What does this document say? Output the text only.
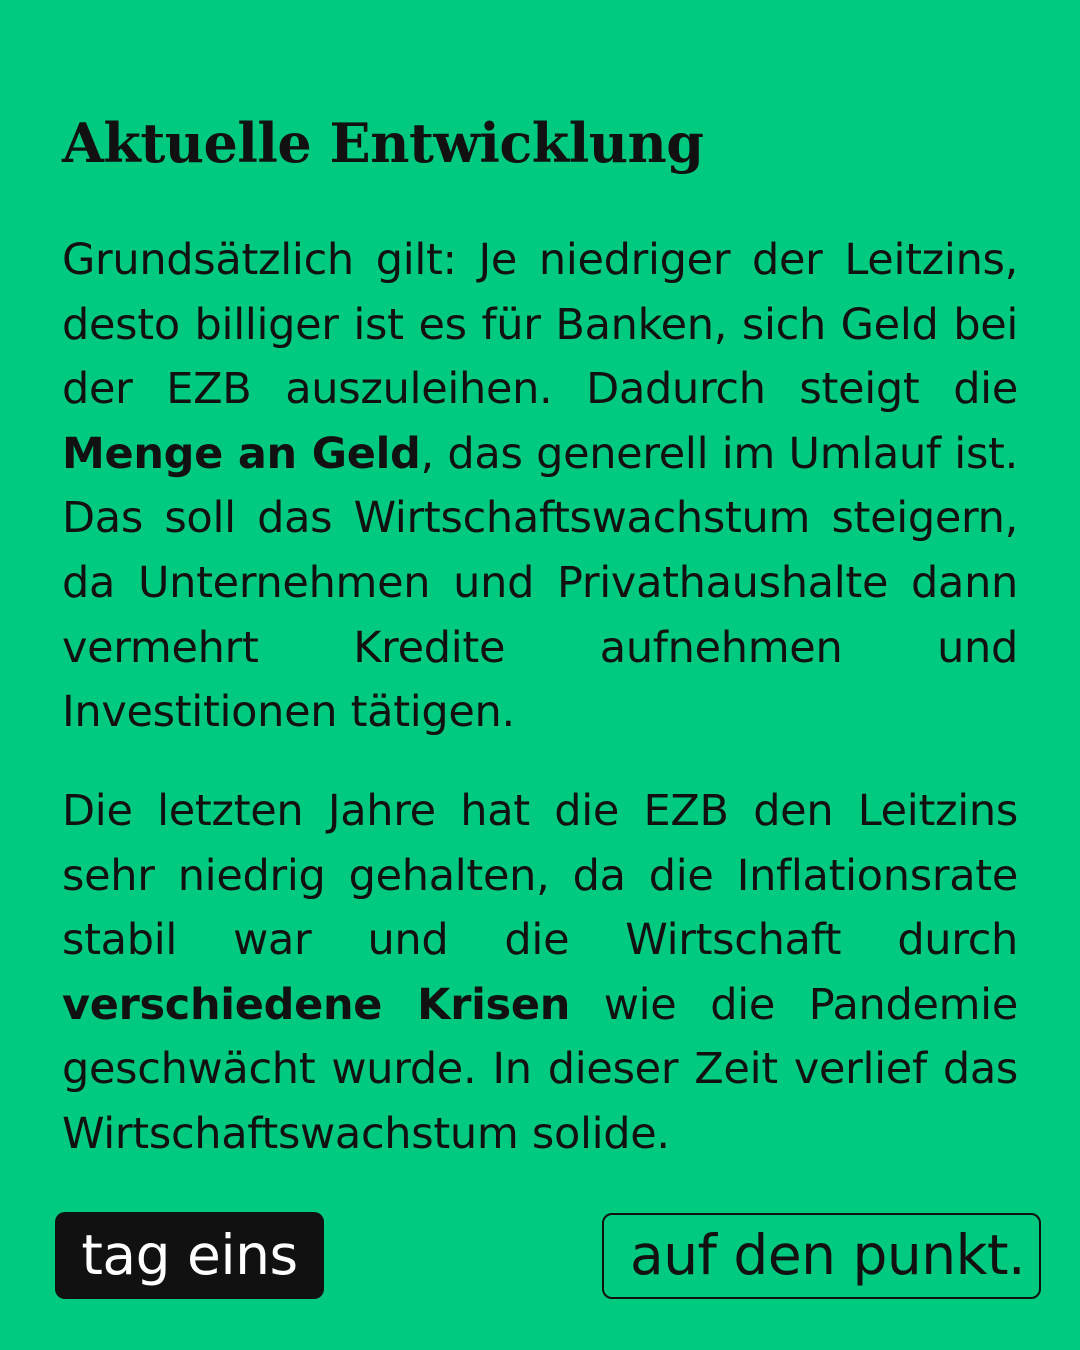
Aktuelle Entwicklung

Grundsätzlich gilt: Je niedriger der Leitzins, desto billiger ist es für Banken, sich Geld bei der EZB auszuleihen. Dadurch steigt die Menge an Geld, das generell im Umlauf ist. Das soll das Wirtschaftswachstum steigern, da Unternehmen und Privathaushalte dann vermehrt Kredite aufnehmen und Investitionen tätigen.

Die letzten Jahre hat die EZB den Leitzins sehr niedrig gehalten, da die Inflationsrate stabil war und die Wirtschaft durch verschiedene Krisen wie die Pandemie geschwächt wurde. In dieser Zeit verlief das Wirtschaftswachstum solide.

tag eins	auf den punkt.
